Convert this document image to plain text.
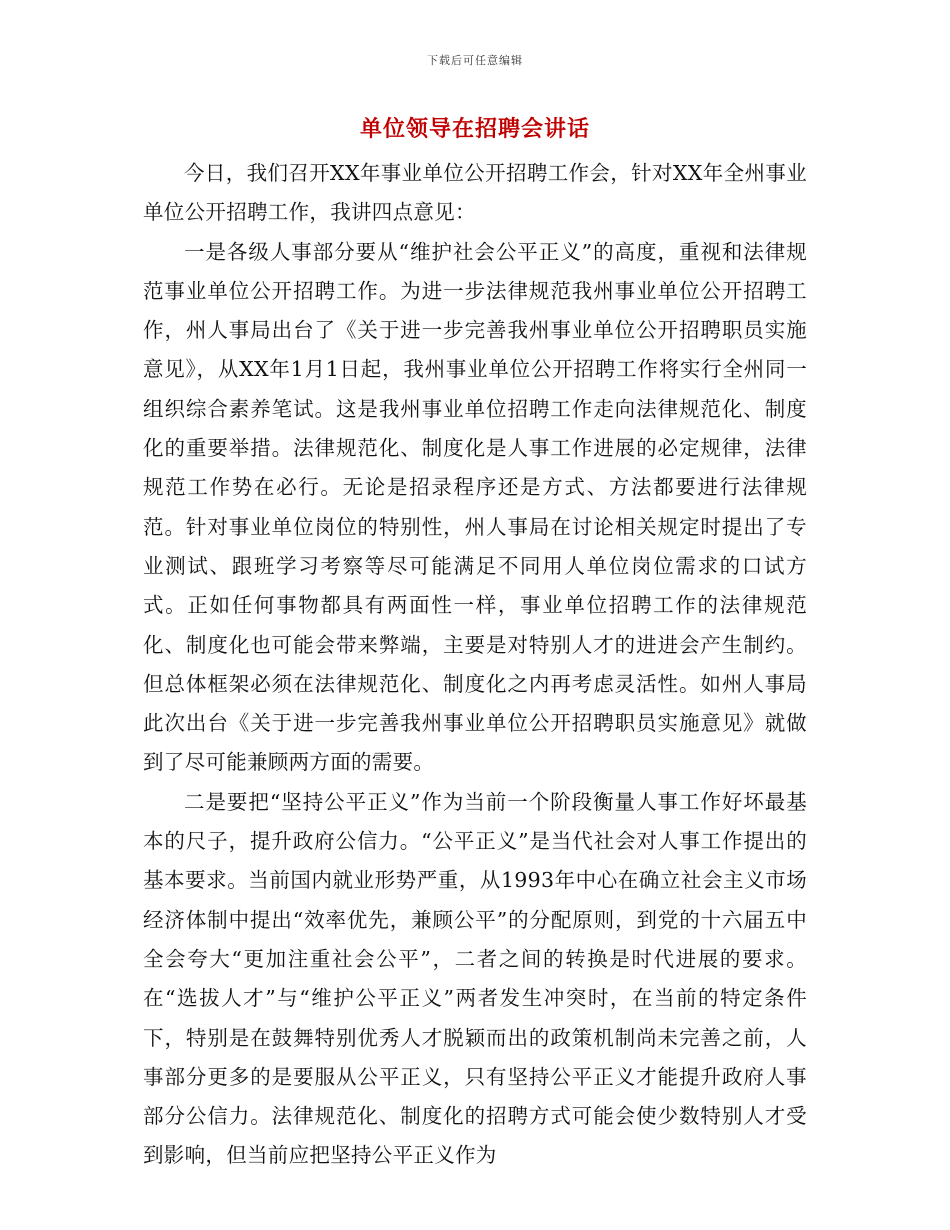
下载后可任意编辑
单位领导在招聘会讲话

今日，我们召开XX年事业单位公开招聘工作会，针对XX年全州事业单位公开招聘工作，我讲四点意见：

一是各级人事部分要从“维护社会公平正义”的高度，重视和法律规范事业单位公开招聘工作。为进一步法律规范我州事业单位公开招聘工作，州人事局出台了《关于进一步完善我州事业单位公开招聘职员实施意见》，从XX年1月1日起，我州事业单位公开招聘工作将实行全州同一组织综合素养笔试。这是我州事业单位招聘工作走向法律规范化、制度化的重要举措。法律规范化、制度化是人事工作进展的必定规律，法律规范工作势在必行。无论是招录程序还是方式、方法都要进行法律规范。针对事业单位岗位的特别性，州人事局在讨论相关规定时提出了专业测试、跟班学习考察等尽可能满足不同用人单位岗位需求的口试方式。正如任何事物都具有两面性一样，事业单位招聘工作的法律规范化、制度化也可能会带来弊端，主要是对特别人才的进进会产生制约。但总体框架必须在法律规范化、制度化之内再考虑灵活性。如州人事局此次出台《关于进一步完善我州事业单位公开招聘职员实施意见》就做到了尽可能兼顾两方面的需要。

二是要把“坚持公平正义”作为当前一个阶段衡量人事工作好坏最基本的尺子，提升政府公信力。“公平正义”是当代社会对人事工作提出的基本要求。当前国内就业形势严重，从1993年中心在确立社会主义市场经济体制中提出“效率优先，兼顾公平”的分配原则，到党的十六届五中全会夸大“更加注重社会公平”，二者之间的转换是时代进展的要求。在“选拔人才”与“维护公平正义”两者发生冲突时，在当前的特定条件下，特别是在鼓舞特别优秀人才脱颖而出的政策机制尚未完善之前，人事部分更多的是要服从公平正义，只有坚持公平正义才能提升政府人事部分公信力。法律规范化、制度化的招聘方式可能会使少数特别人才受到影响，但当前应把坚持公平正义作为
